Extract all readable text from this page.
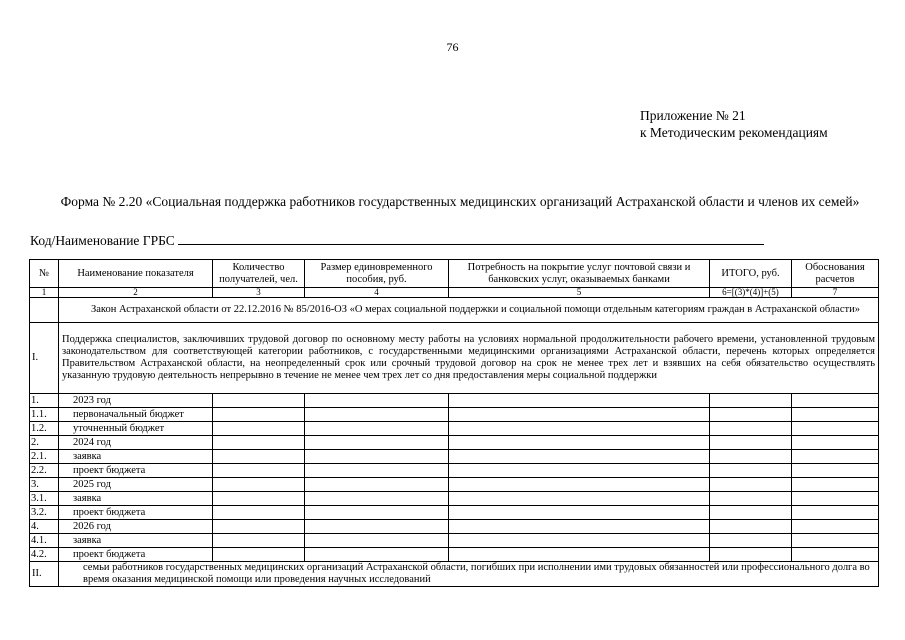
76
Приложение № 21
к Методическим рекомендациям
Форма № 2.20 «Социальная поддержка работников государственных медицинских организаций Астраханской области и членов их семей»
Код/Наименование ГРБС
№	Наименование показателя	Количество получателей, чел.	Размер единовременного пособия, руб.	Потребность на покрытие услуг почтовой связи и банковских услуг, оказываемых банками	ИТОГО, руб.	Обоснования расчетов
1	2	3	4	5	6=[(3)*(4)]+(5)	7

	Закон Астраханской области от 22.12.2016 № 85/2016-ОЗ «О мерах социальной поддержки и социальной помощи отдельным категориям граждан в Астраханской области»					

I.	Поддержка специалистов, заключивших трудовой договор по основному месту работы на условиях нормальной продолжительности рабочего времени, установленной трудовым законодательством для соответствующей категории работников, с государственными медицинскими организациями Астраханской области, перечень которых определяется Правительством Астраханской области, на неопределенный срок или срочный трудовой договор на срок не менее трех лет и взявших на себя обязательство осуществлять указанную трудовую деятельность непрерывно в течение не менее чем трех лет со дня предоставления меры социальной поддержки					
1.	2023 год					
1.1.	первоначальный бюджет					
1.2.	уточненный бюджет					
2.	2024 год					
2.1.	заявка					
2.2.	проект бюджета					
3.	2025 год					
3.1.	заявка					
3.2.	проект бюджета					
4.	2026 год					
4.1.	заявка					
4.2.	проект бюджета					
II.	семьи работников государственных медицинских организаций Астраханской области, погибших при исполнении ими трудовых обязанностей или профессионального долга во время оказания медицинской помощи или проведения научных исследований					
